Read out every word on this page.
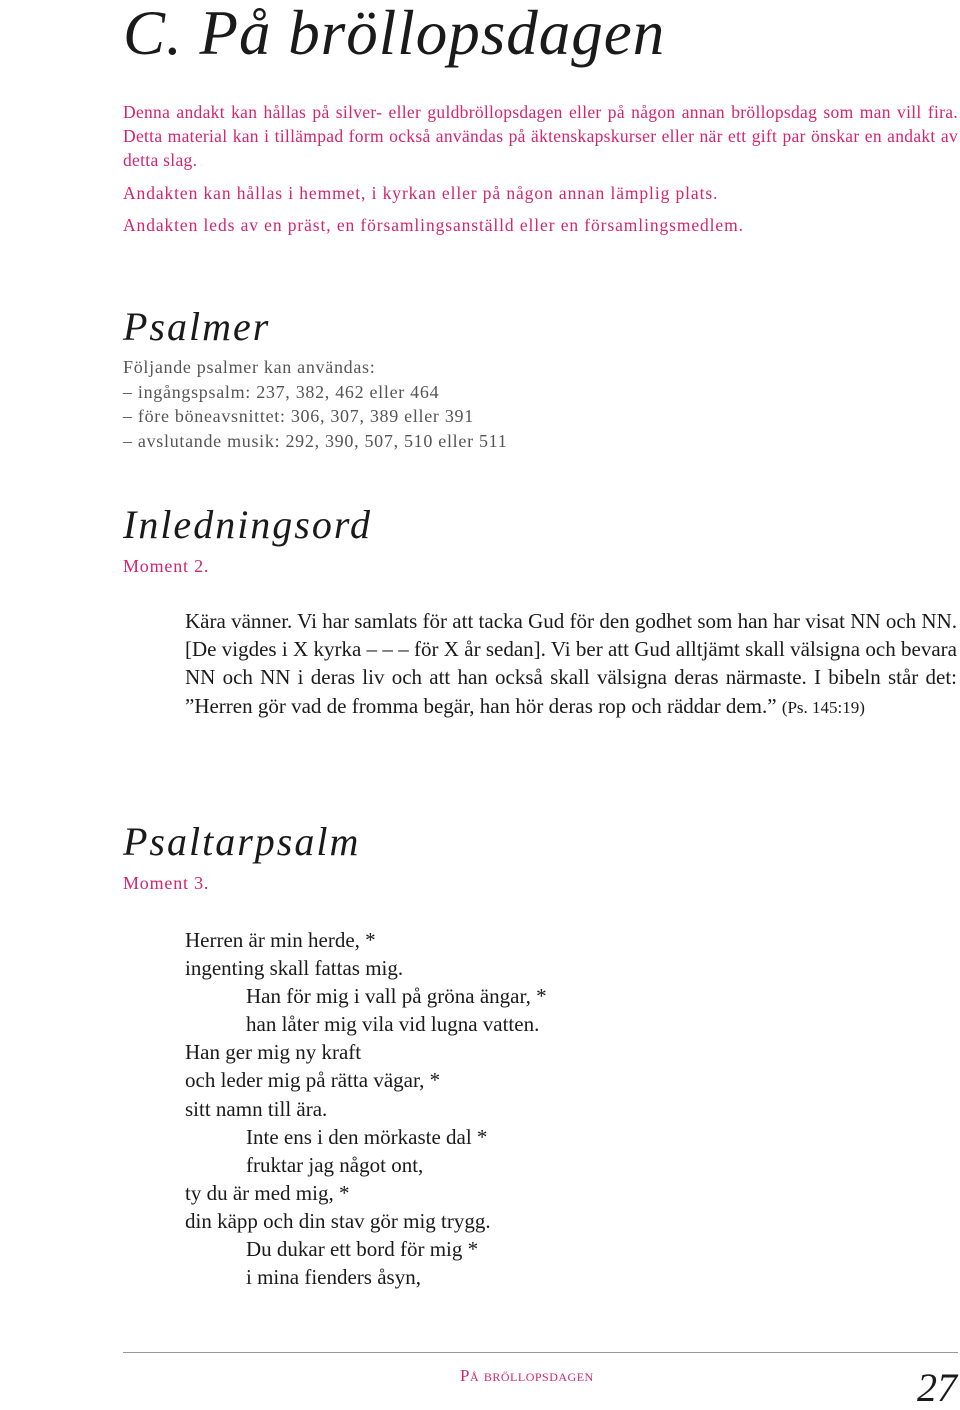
C. På bröllopsdagen

Denna andakt kan hållas på silver- eller guldbröllopsdagen eller på någon annan bröllopsdag som man vill fira. Detta material kan i tillämpad form också användas på äktenskapskurser eller när ett gift par önskar en andakt av detta slag.

Andakten kan hållas i hemmet, i kyrkan eller på någon annan lämplig plats.

Andakten leds av en präst, en församlingsanställd eller en församlingsmedlem.

Psalmer
Följande psalmer kan användas:
– ingångspsalm: 237, 382, 462 eller 464
– före böneavsnittet: 306, 307, 389 eller 391
– avslutande musik: 292, 390, 507, 510 eller 511
Inledningsord

Moment 2.

Kära vänner. Vi har samlats för att tacka Gud för den godhet som han har visat NN och NN. [De vigdes i X kyrka – – – för X år sedan]. Vi ber att Gud alltjämt skall välsigna och bevara NN och NN i deras liv och att han också skall välsigna deras närmaste. I bibeln står det: ”Herren gör vad de fromma begär, han hör deras rop och räddar dem.” (Ps. 145:19)

Psaltarpsalm

Moment 3.

Herren är min herde, *
ingenting skall fattas mig.
Han för mig i vall på gröna ängar, *
han låter mig vila vid lugna vatten.
Han ger mig ny kraft
och leder mig på rätta vägar, *
sitt namn till ära.
Inte ens i den mörkaste dal *
fruktar jag något ont,
ty du är med mig, *
din käpp och din stav gör mig trygg.
Du dukar ett bord för mig *
i mina fienders åsyn,
På bröllopsdagen	27
